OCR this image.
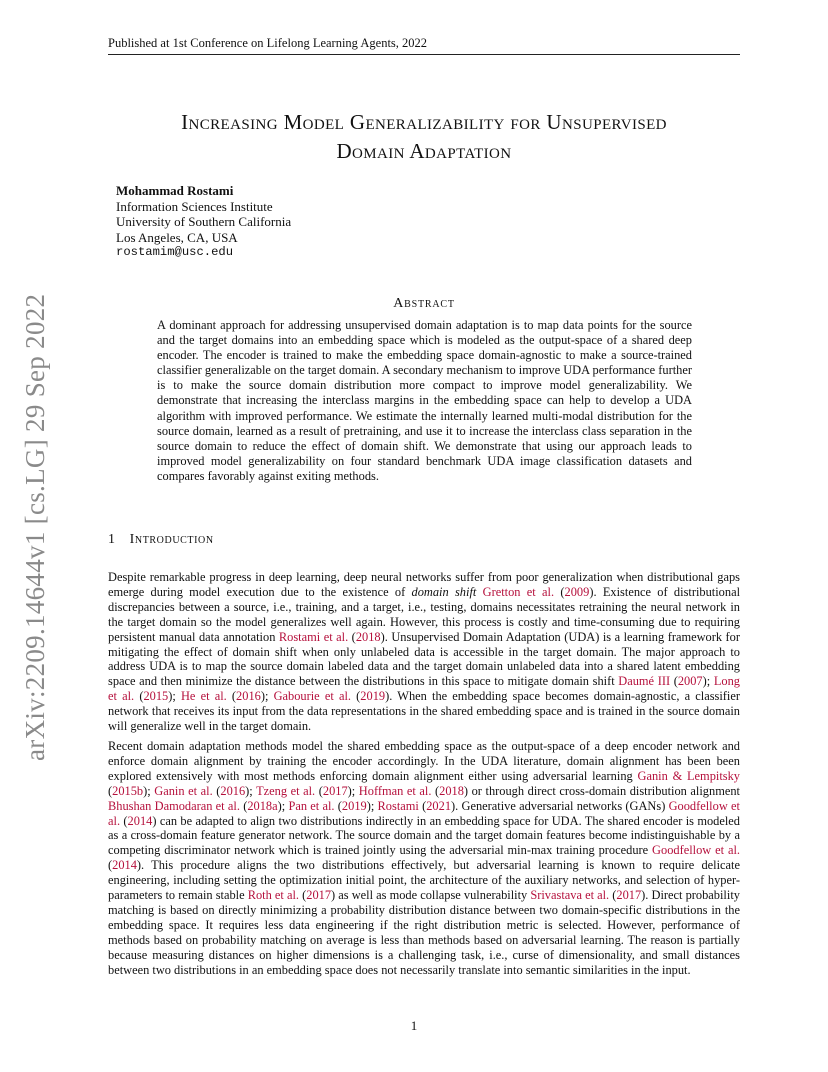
Published at 1st Conference on Lifelong Learning Agents, 2022
arXiv:2209.14644v1 [cs.LG] 29 Sep 2022
Increasing Model Generalizability for Unsupervised
Domain Adaptation
Mohammad Rostami
Information Sciences Institute
University of Southern California
Los Angeles, CA, USA
rostamim@usc.edu
Abstract
A dominant approach for addressing unsupervised domain adaptation is to map data points for the source and the target domains into an embedding space which is modeled as the output-space of a shared deep encoder. The encoder is trained to make the embedding space domain-agnostic to make a source-trained classifier generalizable on the target domain. A secondary mechanism to improve UDA performance further is to make the source domain distribution more compact to improve model generalizability. We demonstrate that increasing the interclass margins in the embedding space can help to develop a UDA algorithm with improved performance. We estimate the internally learned multi-modal distribution for the source domain, learned as a result of pretraining, and use it to increase the interclass class separation in the source domain to reduce the effect of domain shift. We demonstrate that using our approach leads to improved model generalizability on four standard benchmark UDA image classification datasets and compares favorably against exiting methods.
1 Introduction

Despite remarkable progress in deep learning, deep neural networks suffer from poor generalization when distributional gaps emerge during model execution due to the existence of domain shift Gretton et al. (2009). Existence of distributional discrepancies between a source, i.e., training, and a target, i.e., testing, domains necessitates retraining the neural network in the target domain so the model generalizes well again. However, this process is costly and time-consuming due to requiring persistent manual data annotation Rostami et al. (2018). Unsupervised Domain Adaptation (UDA) is a learning framework for mitigating the effect of domain shift when only unlabeled data is accessible in the target domain. The major approach to address UDA is to map the source domain labeled data and the target domain unlabeled data into a shared latent embedding space and then minimize the distance between the distributions in this space to mitigate domain shift Daumé III (2007); Long et al. (2015); He et al. (2016); Gabourie et al. (2019). When the embedding space becomes domain-agnostic, a classifier network that receives its input from the data representations in the shared embedding space and is trained in the source domain will generalize well in the target domain.

Recent domain adaptation methods model the shared embedding space as the output-space of a deep encoder network and enforce domain alignment by training the encoder accordingly. In the UDA literature, domain alignment has been been explored extensively with most methods enforcing domain alignment either using adversarial learning Ganin & Lempitsky (2015b); Ganin et al. (2016); Tzeng et al. (2017); Hoffman et al. (2018) or through direct cross-domain distribution alignment Bhushan Damodaran et al. (2018a); Pan et al. (2019); Rostami (2021). Generative adversarial networks (GANs) Goodfellow et al. (2014) can be adapted to align two distributions indirectly in an embedding space for UDA. The shared encoder is modeled as a cross-domain feature generator network. The source domain and the target domain features become indistinguishable by a competing discriminator network which is trained jointly using the adversarial min-max training procedure Goodfellow et al. (2014). This procedure aligns the two distributions effectively, but adversarial learning is known to require delicate engineering, including setting the optimization initial point, the architecture of the auxiliary networks, and selection of hyper-parameters to remain stable Roth et al. (2017) as well as mode collapse vulnerability Srivastava et al. (2017). Direct probability matching is based on directly minimizing a probability distribution distance between two domain-specific distributions in the embedding space. It requires less data engineering if the right distribution metric is selected. However, performance of methods based on probability matching on average is less than methods based on adversarial learning. The reason is partially because measuring distances on higher dimensions is a challenging task, i.e., curse of dimensionality, and small distances between two distributions in an embedding space does not necessarily translate into semantic similarities in the input.

1
